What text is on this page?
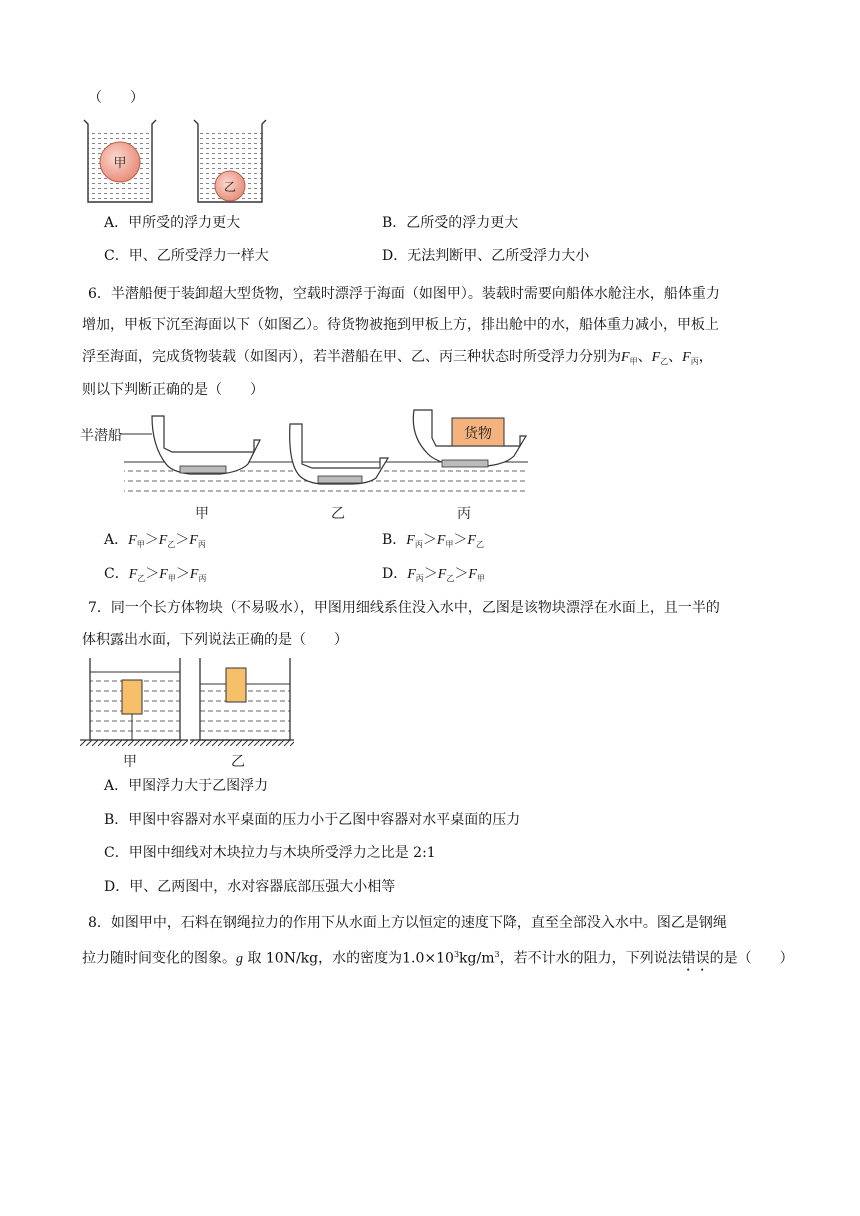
（　　）
甲
乙
A．甲所受的浮力更大	B．乙所受的浮力更大
C．甲、乙所受浮力一样大	D．无法判断甲、乙所受浮力大小
6．半潜船便于装卸超大型货物，空载时漂浮于海面（如图甲）。装载时需要向船体水舱注水，船体重力
增加，甲板下沉至海面以下（如图乙）。待货物被拖到甲板上方，排出舱中的水，船体重力减小，甲板上
浮至海面，完成货物装载（如图丙），若半潜船在甲、乙、丙三种状态时所受浮力分别为$F_甲$、$F_乙$、$F_丙$，
则以下判断正确的是（　　）
半潜船	货物
甲	乙	丙
A．$F_甲>F_乙>F_丙$	B．$F_丙>F_甲>F_乙$
C．$F_乙>F_甲>F_丙$	D．$F_丙>F_乙>F_甲$
7．同一个长方体物块（不易吸水），甲图用细线系住没入水中，乙图是该物块漂浮在水面上，且一半的
体积露出水面，下列说法正确的是（　　）
甲	乙
A．甲图浮力大于乙图浮力
B．甲图中容器对水平桌面的压力小于乙图中容器对水平桌面的压力
C．甲图中细线对木块拉力与木块所受浮力之比是 2:1
D．甲、乙两图中，水对容器底部压强大小相等
8．如图甲中，石料在钢绳拉力的作用下从水面上方以恒定的速度下降，直至全部没入水中。图乙是钢绳
拉力随时间变化的图象。g 取 10N/kg，水的密度为$1.0\times 10^3kg/m^3$，若不计水的阻力，下列说法错误的是（　　）
